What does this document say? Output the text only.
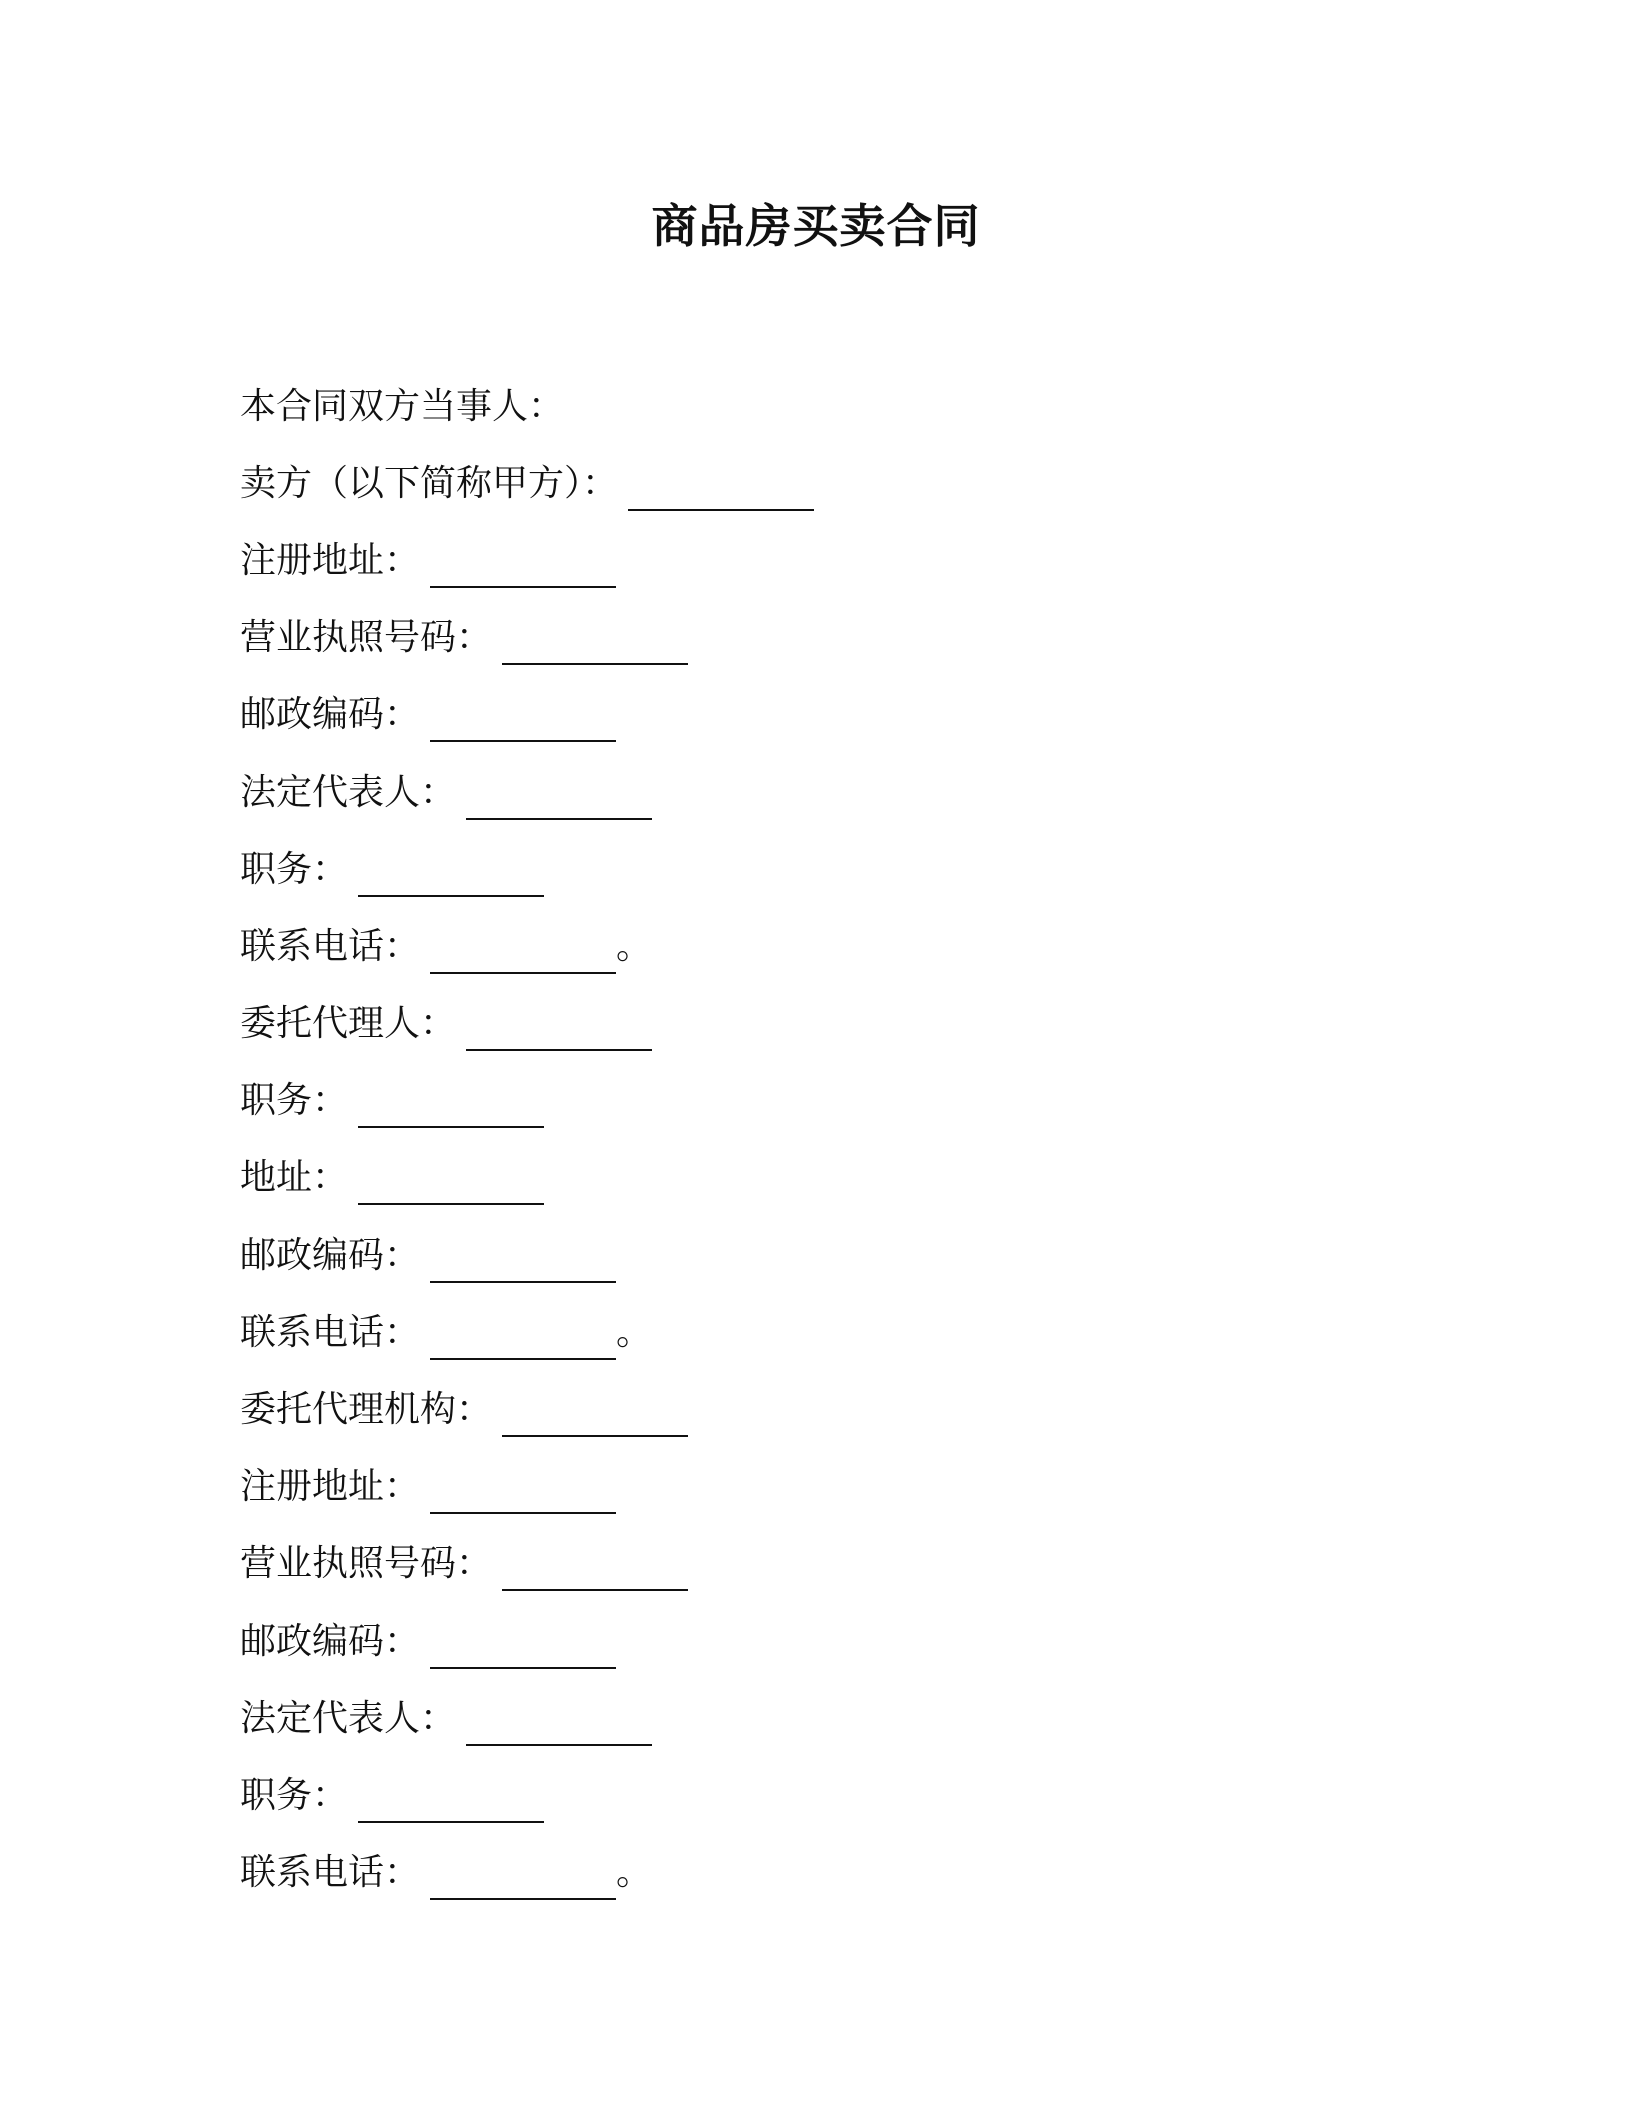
商品房买卖合同
本合同双方当事人：
卖方（以下简称甲方）：
注册地址：
营业执照号码：
邮政编码：
法定代表人：
职务：
联系电话：	。
委托代理人：
职务：
地址：
邮政编码：
联系电话：	。
委托代理机构：
注册地址：
营业执照号码：
邮政编码：
法定代表人：
职务：
联系电话：	。
